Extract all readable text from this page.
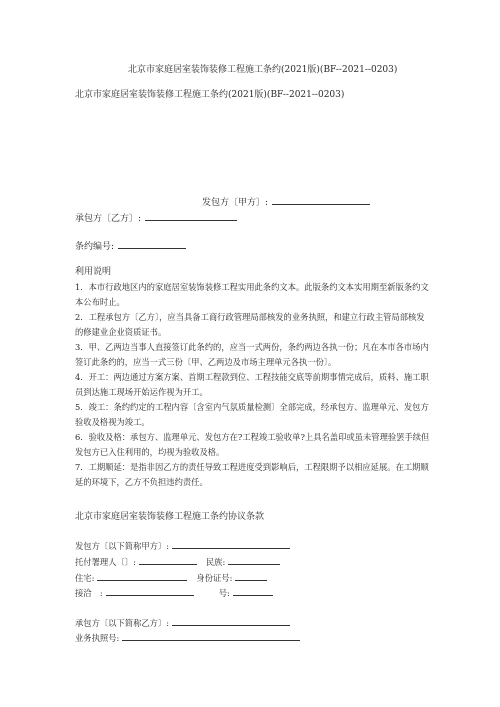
北京市家庭居室装饰装修工程施工条约(2021版)(BF--2021--0203)
北京市家庭居室装饰装修工程施工条约(2021版)(BF--2021--0203)
发包方〔甲方〕:
承包方〔乙方〕:
条约编号:
利用说明

1．本市行政地区内的家庭居室装饰装修工程实用此条约文本。此版条约文本实用期至新版条约文本公布时止。

2．工程承包方〔乙方〕，应当具备工商行政管理局部核发的业务执照，和建立行政主管局部核发的修建业企业资质证书。

3．甲、乙两边当事人直接签订此条约的，应当一式两份，条约两边各执一份；凡在本市各市场内签订此条约的，应当一式三份〔甲、乙两边及市场主理单元各执一份〕。

4．开工：两边通过方案方案、首期工程款到位、工程技能交底等前期事情完成后，质料、施工职员到达施工现场开始运作视为开工。

5．竣工：条约约定的工程内容〔含室内气氛质量检测〕全部完成，经承包方、监理单元、发包方验收及格视为竣工。

6．验收及格：承包方、监理单元、发包方在?工程竣工验收单?上具名盖印或虽未管理验罢手续但发包方已入住利用的，均视为验收及格。

7．工期顺延：是指非因乙方的责任导致工程进度受到影响后，工程限期予以相应延展。在工期顺延的环境下，乙方不负担违约责任。

北京市家庭居室装饰装修工程施工条约协议条款
发包方〔以下简称甲方〕:
托付署理人〔〕:	民族:
住宅:	身份证号:
接洽　:	号:
承包方〔以下简称乙方〕:
业务执照号:
